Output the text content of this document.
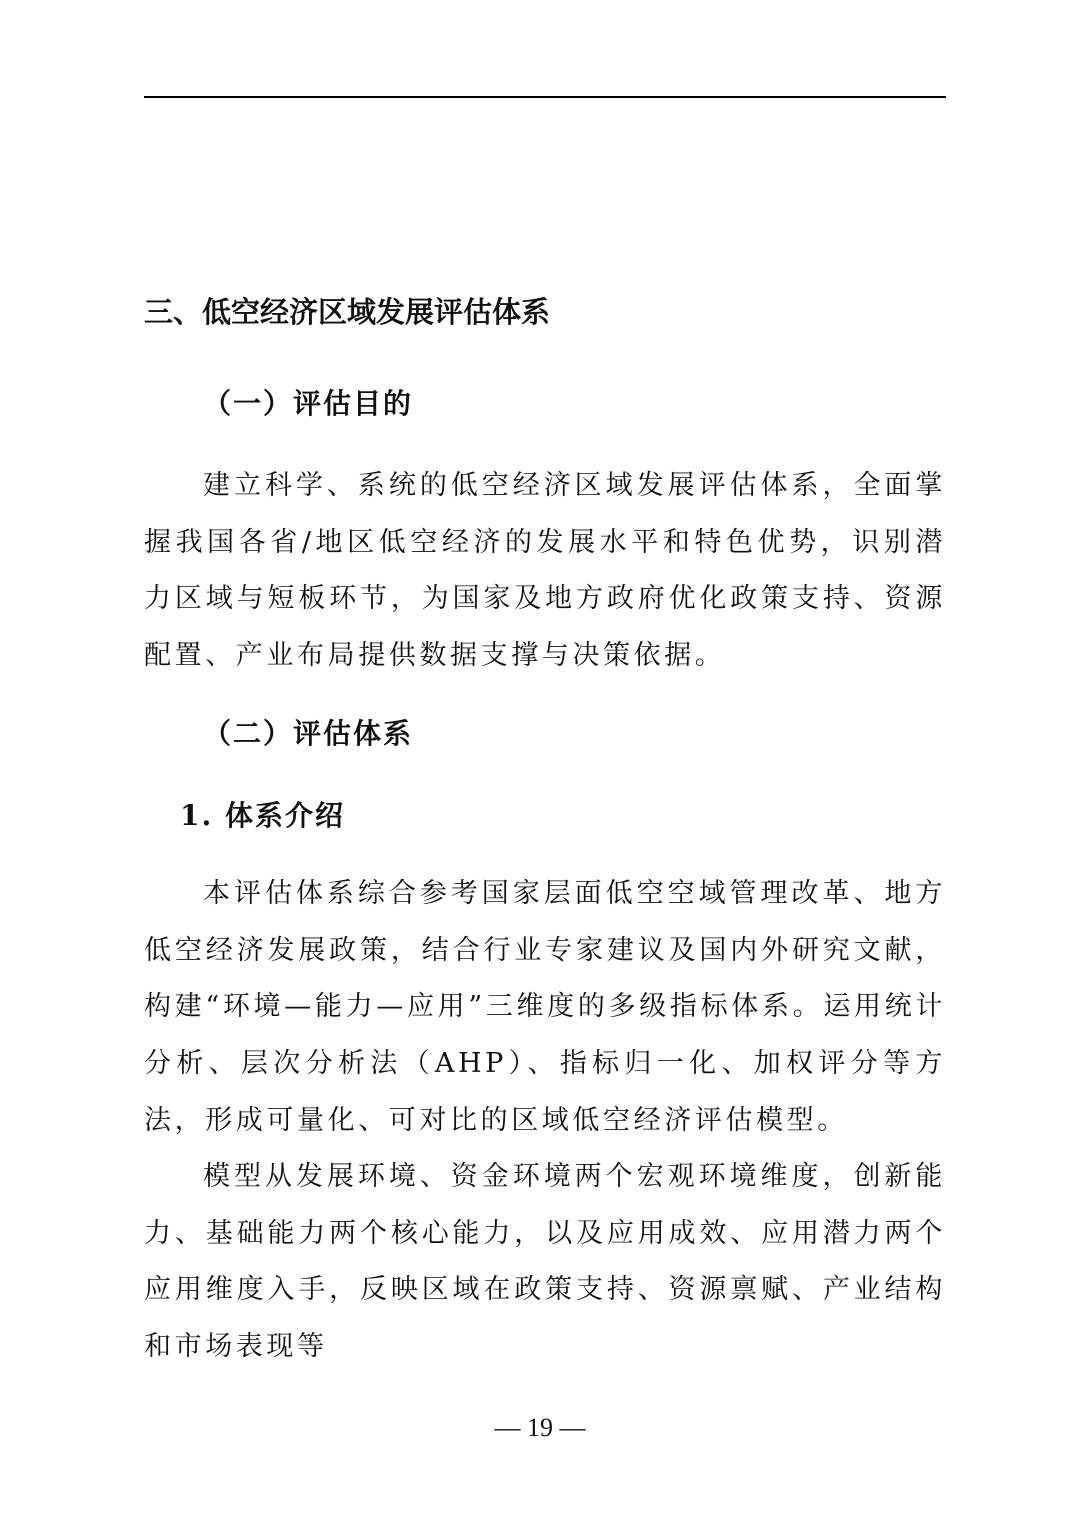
三、低空经济区域发展评估体系
（一）评估目的

建立科学、系统的低空经济区域发展评估体系，全面掌握我国各省/地区低空经济的发展水平和特色优势，识别潜力区域与短板环节，为国家及地方政府优化政策支持、资源配置、产业布局提供数据支撑与决策依据。

（二）评估体系
1. 体系介绍

本评估体系综合参考国家层面低空空域管理改革、地方低空经济发展政策，结合行业专家建议及国内外研究文献，构建“环境—能力—应用”三维度的多级指标体系。运用统计分析、层次分析法（AHP）、指标归一化、加权评分等方法，形成可量化、可对比的区域低空经济评估模型。

模型从发展环境、资金环境两个宏观环境维度，创新能力、基础能力两个核心能力，以及应用成效、应用潜力两个应用维度入手，反映区域在政策支持、资源禀赋、产业结构和市场表现等

— 19 —
